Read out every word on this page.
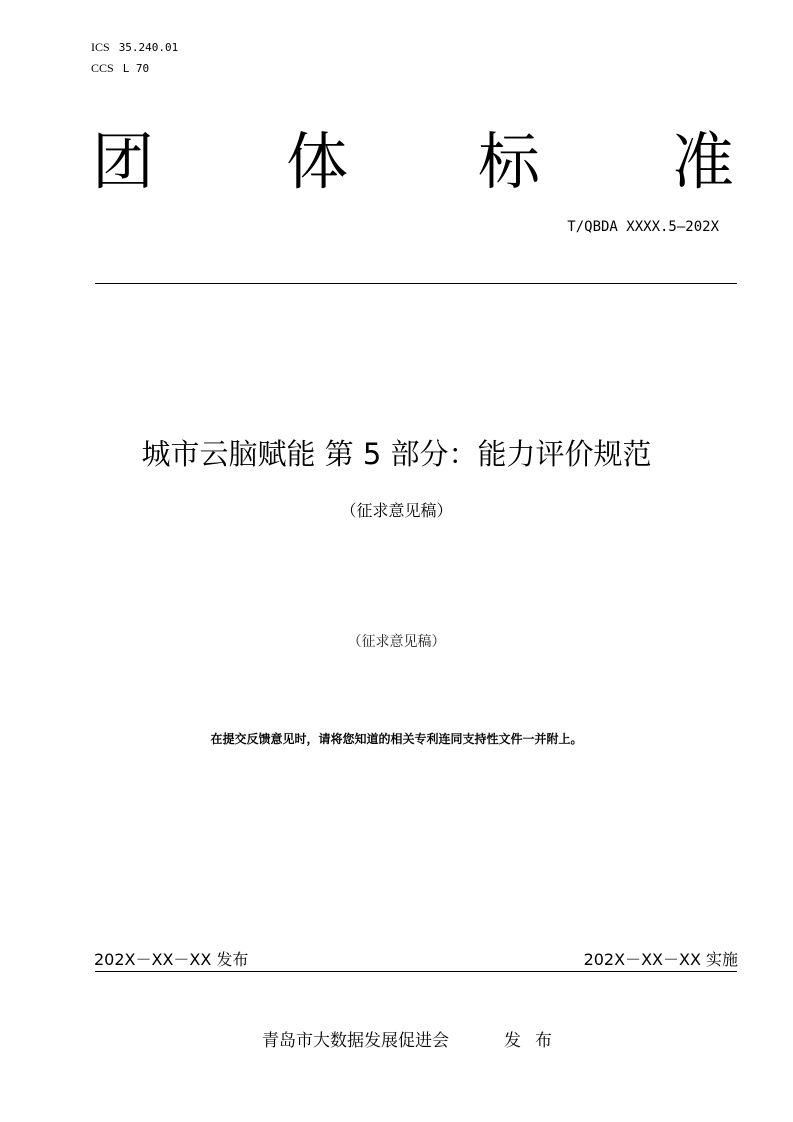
ICS 35.240.01
CCS L 70
团 体 标 准
T/QBDA XXXX.5—202X
城市云脑赋能 第 5 部分：能力评价规范
（征求意见稿）
（征求意见稿）
在提交反馈意见时，请将您知道的相关专利连同支持性文件一并附上。
202X－XX－XX 发布	202X－XX－XX 实施
青岛市大数据发展促进会	发布
